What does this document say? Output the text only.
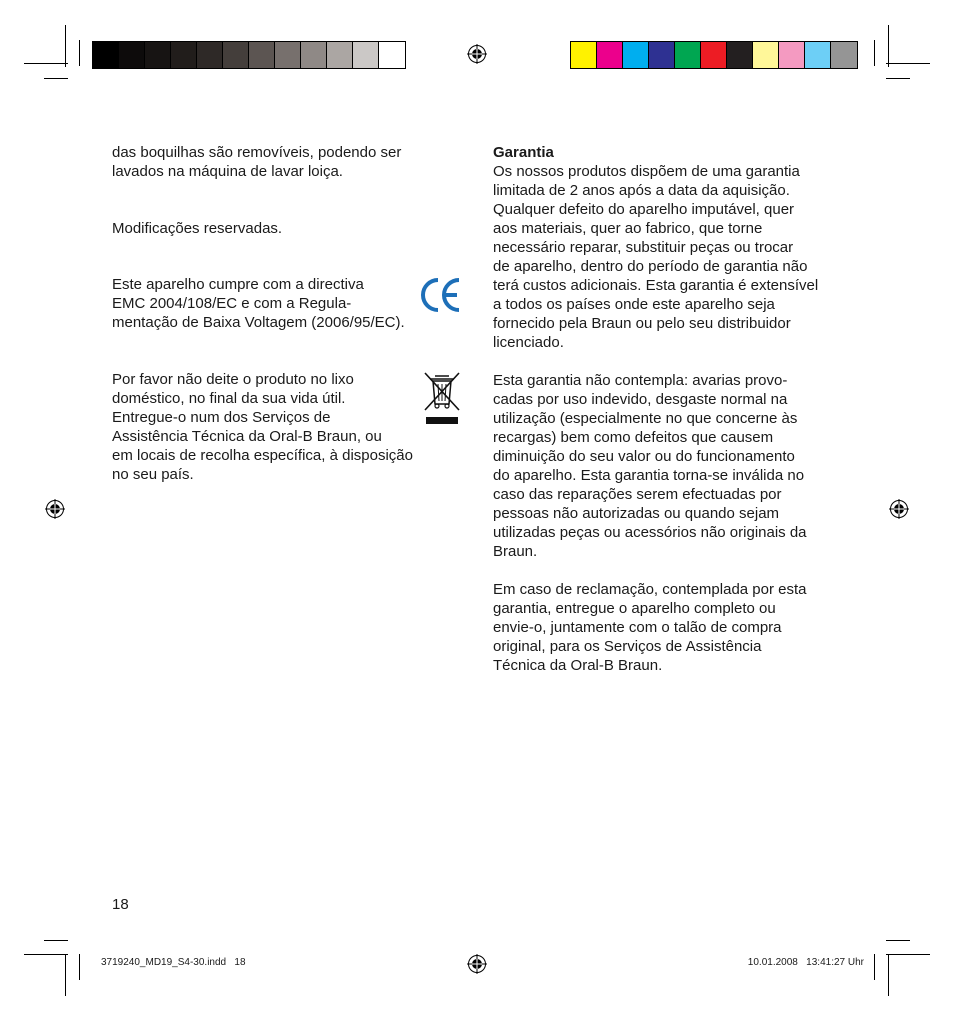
das boquilhas são removíveis, podendo ser

lavados na máquina de lavar loiça.

Modificações reservadas.

Este aparelho cumpre com a directiva

EMC 2004/108/EC e com a Regula-

mentação de Baixa Voltagem (2006/95/EC).

Por favor não deite o produto no lixo

doméstico, no final da sua vida útil.

Entregue-o num dos Serviços de

Assistência Técnica da Oral-B Braun, ou

em locais de recolha específica, à disposição

no seu país.

Garantia

Os nossos produtos dispõem de uma garantia

limitada de 2 anos após a data da aquisição.

Qualquer defeito do aparelho imputável, quer

aos materiais, quer ao fabrico, que torne

necessário reparar, substituir peças ou trocar

de aparelho, dentro do período de garantia não

terá custos adicionais. Esta garantia é extensível

a todos os países onde este aparelho seja

fornecido pela Braun ou pelo seu distribuidor

licenciado.

Esta garantia não contempla: avarias provo-

cadas por uso indevido, desgaste normal na

utilização (especialmente no que concerne às

recargas) bem como defeitos que causem

diminuição do seu valor ou do funcionamento

do aparelho. Esta garantia torna-se inválida no

caso das reparações serem efectuadas por

pessoas não autorizadas ou quando sejam

utilizadas peças ou acessórios não originais da

Braun.

Em caso de reclamação, contemplada por esta

garantia, entregue o aparelho completo ou

envie-o, juntamente com o talão de compra

original, para os Serviços de Assistência

Técnica da Oral-B Braun.

18
3719240_MD19_S4-30.indd   18	10.01.2008   13:41:27 Uhr
